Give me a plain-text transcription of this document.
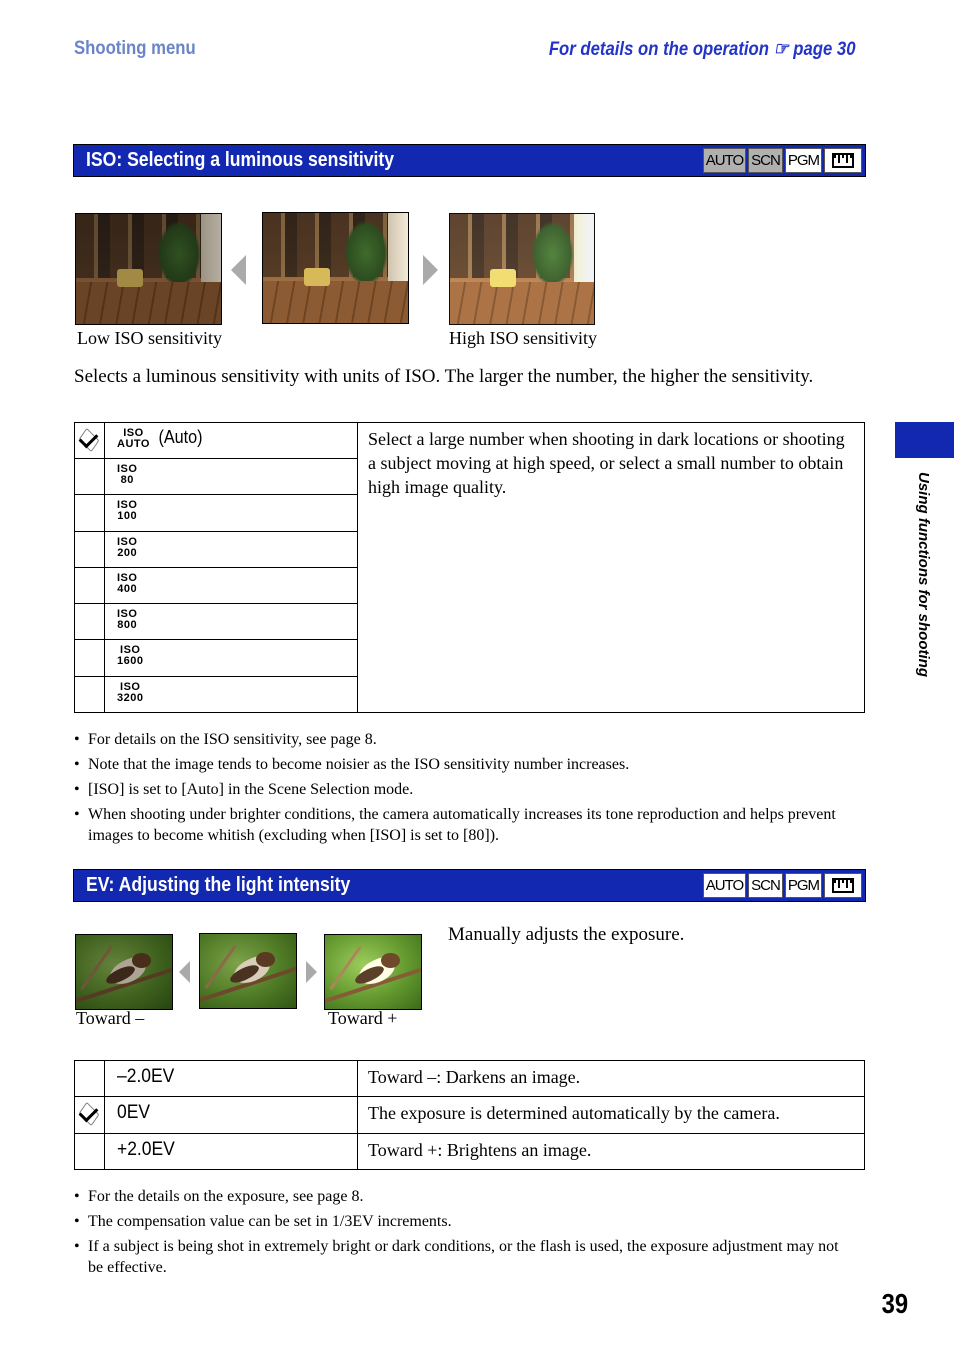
Shooting menu	For details on the operation ☞ page 30
ISO: Selecting a luminous sensitivity	AUTO SCN PGM
Low ISO sensitivity	High ISO sensitivity
Selects a luminous sensitivity with units of ISO. The larger the number, the higher the sensitivity.

	ISO
AUTO (Auto)	Select a large number when shooting in dark locations or shooting a subject moving at high speed, or select a small number to obtain high image quality.

	ISO
80	

	ISO
100	

	ISO
200	

	ISO
400	

	ISO
800	

	ISO
1600	

	ISO
3200	
• For details on the ISO sensitivity, see page 8.
• Note that the image tends to become noisier as the ISO sensitivity number increases.
• [ISO] is set to [Auto] in the Scene Selection mode.
• When shooting under brighter conditions, the camera automatically increases its tone reproduction and helps prevent images to become whitish (excluding when [ISO] is set to [80]).
EV: Adjusting the light intensity	AUTO SCN PGM
Toward –	Toward +
Manually adjusts the exposure.
	–2.0EV	Toward –: Darkens an image.
	0EV	The exposure is determined automatically by the camera.
	+2.0EV	Toward +: Brightens an image.
• For the details on the exposure, see page 8.
• The compensation value can be set in 1/3EV increments.
• If a subject is being shot in extremely bright or dark conditions, or the flash is used, the exposure adjustment may not be effective.
Using functions for shooting
39
